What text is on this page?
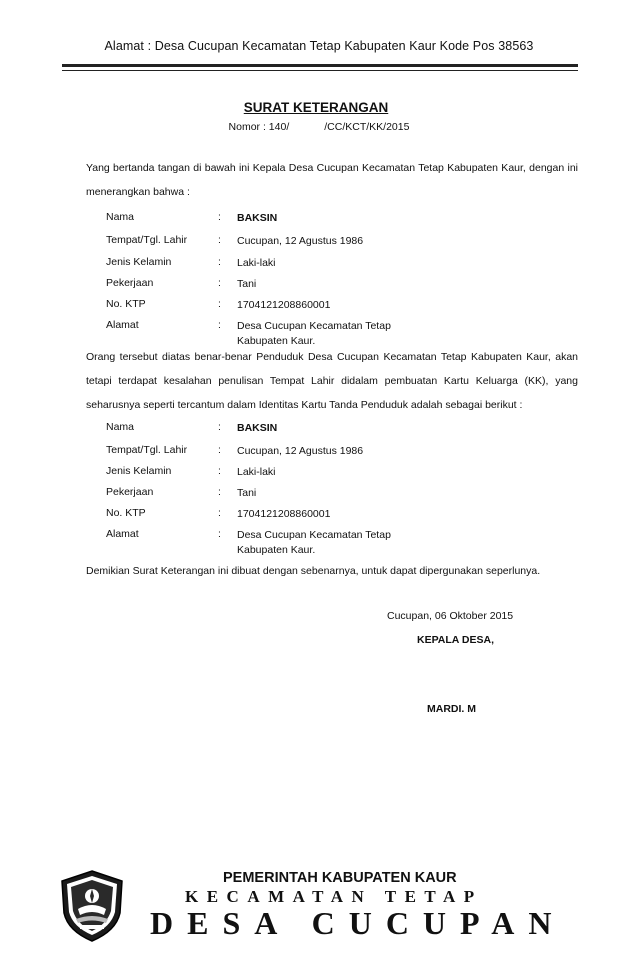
Alamat : Desa Cucupan Kecamatan Tetap Kabupaten Kaur Kode Pos 38563
SURAT KETERANGAN
Nomor : 140/            /CC/KCT/KK/2015
Yang bertanda tangan di bawah ini Kepala Desa Cucupan Kecamatan Tetap Kabupaten Kaur, dengan ini menerangkan bahwa :
Nama	: BAKSIN
Tempat/Tgl. Lahir	: Cucupan, 12 Agustus 1986
Jenis Kelamin	: Laki-laki
Pekerjaan	: Tani
No. KTP	: 1704121208860001
Alamat	: Desa Cucupan Kecamatan Tetap Kabupaten Kaur.
Orang tersebut diatas benar-benar Penduduk Desa Cucupan Kecamatan Tetap Kabupaten Kaur, akan tetapi terdapat kesalahan penulisan Tempat Lahir didalam pembuatan Kartu Keluarga (KK), yang seharusnya seperti tercantum dalam Identitas Kartu Tanda Penduduk adalah sebagai berikut :
Nama	: BAKSIN
Tempat/Tgl. Lahir	: Cucupan, 12 Agustus 1986
Jenis Kelamin	: Laki-laki
Pekerjaan	: Tani
No. KTP	: 1704121208860001
Alamat	: Desa Cucupan Kecamatan Tetap Kabupaten Kaur.
Demikian Surat Keterangan ini dibuat dengan sebenarnya, untuk dapat dipergunakan seperlunya.
Cucupan, 06 Oktober 2015
KEPALA DESA,
MARDI. M
PEMERINTAH KABUPATEN KAUR
KECAMATAN TETAP
DESA CUCUPAN
